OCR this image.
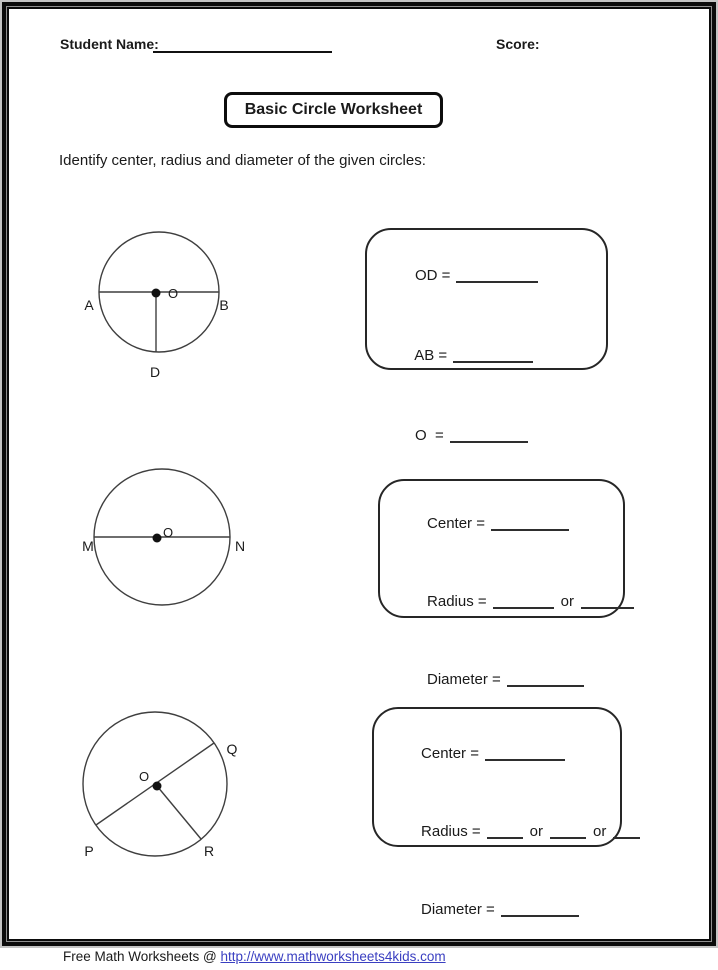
Student Name:	Score:
Basic Circle Worksheet
Identify center, radius and diameter of the given circles:
O
A	B
D

OD =

AB =

O  =

O
M	N

Center =

Radius =	or

Diameter =

O
Q
P	R

Center =

Radius =	or	or

Diameter =

Free Math Worksheets @ http://www.mathworksheets4kids.com
